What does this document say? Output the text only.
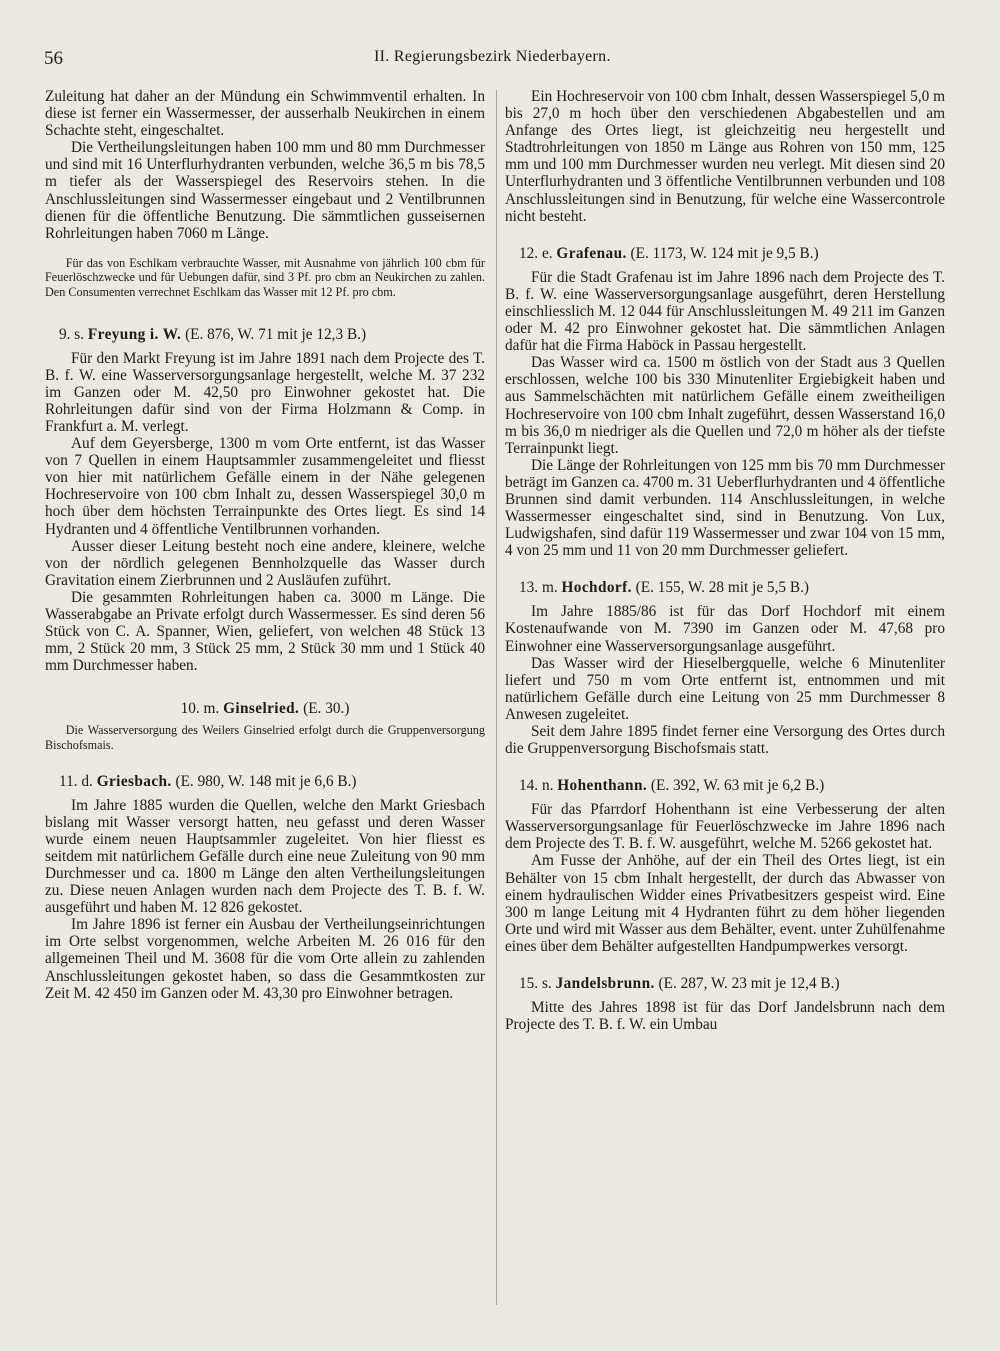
56	II. Regierungsbezirk Niederbayern.

Zuleitung hat daher an der Mündung ein Schwimmventil erhalten. In diese ist ferner ein Wassermesser, der ausserhalb Neukirchen in einem Schachte steht, eingeschaltet.

Die Vertheilungsleitungen haben 100 mm und 80 mm Durchmesser und sind mit 16 Unterflurhydranten verbunden, welche 36,5 m bis 78,5 m tiefer als der Wasserspiegel des Reservoirs stehen. In die Anschlussleitungen sind Wassermesser eingebaut und 2 Ventilbrunnen dienen für die öffentliche Benutzung. Die sämmtlichen gusseisernen Rohrleitungen haben 7060 m Länge.

Für das von Eschlkam verbrauchte Wasser, mit Ausnahme von jährlich 100 cbm für Feuerlöschzwecke und für Uebungen dafür, sind 3 Pf. pro cbm an Neukirchen zu zahlen. Den Consumenten verrechnet Eschlkam das Wasser mit 12 Pf. pro cbm.

9. s. Freyung i. W. (E. 876, W. 71 mit je 12,3 B.)

Für den Markt Freyung ist im Jahre 1891 nach dem Projecte des T. B. f. W. eine Wasserversorgungsanlage hergestellt, welche M. 37 232 im Ganzen oder M. 42,50 pro Einwohner gekostet hat. Die Rohrleitungen dafür sind von der Firma Holzmann & Comp. in Frankfurt a. M. verlegt.

Auf dem Geyersberge, 1300 m vom Orte entfernt, ist das Wasser von 7 Quellen in einem Hauptsammler zusammengeleitet und fliesst von hier mit natürlichem Gefälle einem in der Nähe gelegenen Hochreservoire von 100 cbm Inhalt zu, dessen Wasserspiegel 30,0 m hoch über dem höchsten Terrainpunkte des Ortes liegt. Es sind 14 Hydranten und 4 öffentliche Ventilbrunnen vorhanden.

Ausser dieser Leitung besteht noch eine andere, kleinere, welche von der nördlich gelegenen Bennholzquelle das Wasser durch Gravitation einem Zierbrunnen und 2 Ausläufen zuführt.

Die gesammten Rohrleitungen haben ca. 3000 m Länge. Die Wasserabgabe an Private erfolgt durch Wassermesser. Es sind deren 56 Stück von C. A. Spanner, Wien, geliefert, von welchen 48 Stück 13 mm, 2 Stück 20 mm, 3 Stück 25 mm, 2 Stück 30 mm und 1 Stück 40 mm Durchmesser haben.

10. m. Ginselried. (E. 30.)

Die Wasserversorgung des Weilers Ginselried erfolgt durch die Gruppenversorgung Bischofsmais.

11. d. Griesbach. (E. 980, W. 148 mit je 6,6 B.)

Im Jahre 1885 wurden die Quellen, welche den Markt Griesbach bislang mit Wasser versorgt hatten, neu gefasst und deren Wasser wurde einem neuen Hauptsammler zugeleitet. Von hier fliesst es seitdem mit natürlichem Gefälle durch eine neue Zuleitung von 90 mm Durchmesser und ca. 1800 m Länge den alten Vertheilungsleitungen zu. Diese neuen Anlagen wurden nach dem Projecte des T. B. f. W. ausgeführt und haben M. 12 826 gekostet.

Im Jahre 1896 ist ferner ein Ausbau der Vertheilungseinrichtungen im Orte selbst vorgenommen, welche Arbeiten M. 26 016 für den allgemeinen Theil und M. 3608 für die vom Orte allein zu zahlenden Anschlussleitungen gekostet haben, so dass die Gesammtkosten zur Zeit M. 42 450 im Ganzen oder M. 43,30 pro Einwohner betragen.

Ein Hochreservoir von 100 cbm Inhalt, dessen Wasserspiegel 5,0 m bis 27,0 m hoch über den verschiedenen Abgabestellen und am Anfange des Ortes liegt, ist gleichzeitig neu hergestellt und Stadtrohrleitungen von 1850 m Länge aus Rohren von 150 mm, 125 mm und 100 mm Durchmesser wurden neu verlegt. Mit diesen sind 20 Unterflurhydranten und 3 öffentliche Ventilbrunnen verbunden und 108 Anschlussleitungen sind in Benutzung, für welche eine Wassercontrole nicht besteht.

12. e. Grafenau. (E. 1173, W. 124 mit je 9,5 B.)

Für die Stadt Grafenau ist im Jahre 1896 nach dem Projecte des T. B. f. W. eine Wasserversorgungsanlage ausgeführt, deren Herstellung einschliesslich M. 12 044 für Anschlussleitungen M. 49 211 im Ganzen oder M. 42 pro Einwohner gekostet hat. Die sämmtlichen Anlagen dafür hat die Firma Haböck in Passau hergestellt.

Das Wasser wird ca. 1500 m östlich von der Stadt aus 3 Quellen erschlossen, welche 100 bis 330 Minutenliter Ergiebigkeit haben und aus Sammelschächten mit natürlichem Gefälle einem zweitheiligen Hochreservoire von 100 cbm Inhalt zugeführt, dessen Wasserstand 16,0 m bis 36,0 m niedriger als die Quellen und 72,0 m höher als der tiefste Terrainpunkt liegt.

Die Länge der Rohrleitungen von 125 mm bis 70 mm Durchmesser beträgt im Ganzen ca. 4700 m. 31 Ueberflurhydranten und 4 öffentliche Brunnen sind damit verbunden. 114 Anschlussleitungen, in welche Wassermesser eingeschaltet sind, sind in Benutzung. Von Lux, Ludwigshafen, sind dafür 119 Wassermesser und zwar 104 von 15 mm, 4 von 25 mm und 11 von 20 mm Durchmesser geliefert.

13. m. Hochdorf. (E. 155, W. 28 mit je 5,5 B.)

Im Jahre 1885/86 ist für das Dorf Hochdorf mit einem Kostenaufwande von M. 7390 im Ganzen oder M. 47,68 pro Einwohner eine Wasserversorgungsanlage ausgeführt.

Das Wasser wird der Hieselbergquelle, welche 6 Minutenliter liefert und 750 m vom Orte entfernt ist, entnommen und mit natürlichem Gefälle durch eine Leitung von 25 mm Durchmesser 8 Anwesen zugeleitet.

Seit dem Jahre 1895 findet ferner eine Versorgung des Ortes durch die Gruppenversorgung Bischofsmais statt.

14. n. Hohenthann. (E. 392, W. 63 mit je 6,2 B.)

Für das Pfarrdorf Hohenthann ist eine Verbesserung der alten Wasserversorgungsanlage für Feuerlöschzwecke im Jahre 1896 nach dem Projecte des T. B. f. W. ausgeführt, welche M. 5266 gekostet hat.

Am Fusse der Anhöhe, auf der ein Theil des Ortes liegt, ist ein Behälter von 15 cbm Inhalt hergestellt, der durch das Abwasser von einem hydraulischen Widder eines Privatbesitzers gespeist wird. Eine 300 m lange Leitung mit 4 Hydranten führt zu dem höher liegenden Orte und wird mit Wasser aus dem Behälter, event. unter Zuhülfenahme eines über dem Behälter aufgestellten Handpumpwerkes versorgt.

15. s. Jandelsbrunn. (E. 287, W. 23 mit je 12,4 B.)

Mitte des Jahres 1898 ist für das Dorf Jandelsbrunn nach dem Projecte des T. B. f. W. ein Umbau
